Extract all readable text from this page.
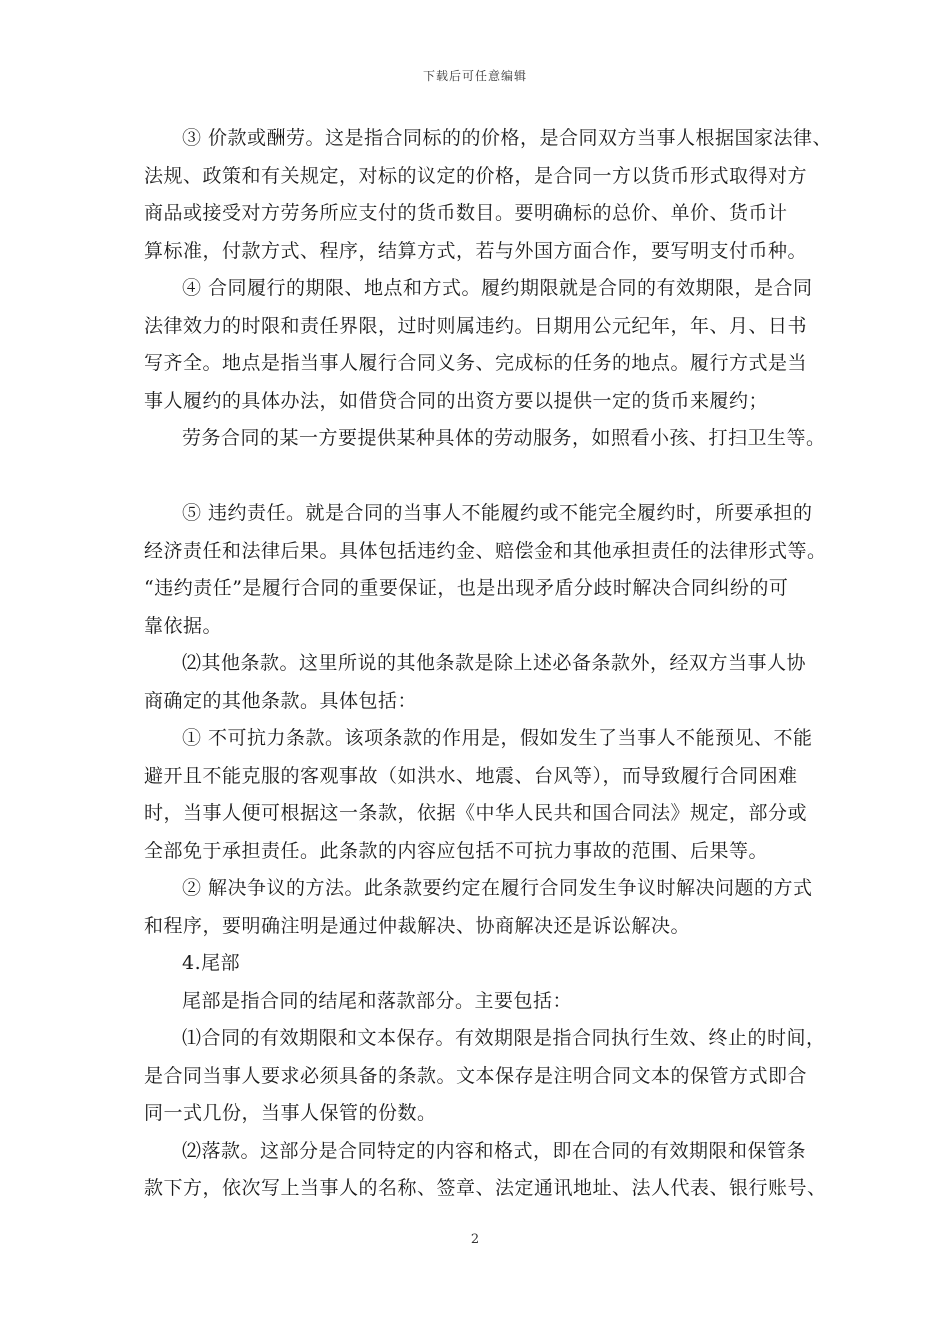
下载后可任意编辑
③ 价款或酬劳。这是指合同标的的价格，是合同双方当事人根据国家法律、
法规、政策和有关规定，对标的议定的价格，是合同一方以货币形式取得对方
商品或接受对方劳务所应支付的货币数目。要明确标的总价、单价、货币计
算标准，付款方式、程序，结算方式，若与外国方面合作，要写明支付币种。
④ 合同履行的期限、地点和方式。履约期限就是合同的有效期限，是合同
法律效力的时限和责任界限，过时则属违约。日期用公元纪年，年、月、日书
写齐全。地点是指当事人履行合同义务、完成标的任务的地点。履行方式是当
事人履约的具体办法，如借贷合同的出资方要以提供一定的货币来履约；
劳务合同的某一方要提供某种具体的劳动服务，如照看小孩、打扫卫生等。
⑤ 违约责任。就是合同的当事人不能履约或不能完全履约时，所要承担的
经济责任和法律后果。具体包括违约金、赔偿金和其他承担责任的法律形式等。
“违约责任”是履行合同的重要保证，也是出现矛盾分歧时解决合同纠纷的可
靠依据。
⑵其他条款。这里所说的其他条款是除上述必备条款外，经双方当事人协
商确定的其他条款。具体包括：
① 不可抗力条款。该项条款的作用是，假如发生了当事人不能预见、不能
避开且不能克服的客观事故（如洪水、地震、台风等），而导致履行合同困难
时，当事人便可根据这一条款，依据《中华人民共和国合同法》规定，部分或
全部免于承担责任。此条款的内容应包括不可抗力事故的范围、后果等。
② 解决争议的方法。此条款要约定在履行合同发生争议时解决问题的方式
和程序，要明确注明是通过仲裁解决、协商解决还是诉讼解决。
4.尾部
尾部是指合同的结尾和落款部分。主要包括：
⑴合同的有效期限和文本保存。有效期限是指合同执行生效、终止的时间，
是合同当事人要求必须具备的条款。文本保存是注明合同文本的保管方式即合
同一式几份，当事人保管的份数。
⑵落款。这部分是合同特定的内容和格式，即在合同的有效期限和保管条
款下方，依次写上当事人的名称、签章、法定通讯地址、法人代表、银行账号、
2
